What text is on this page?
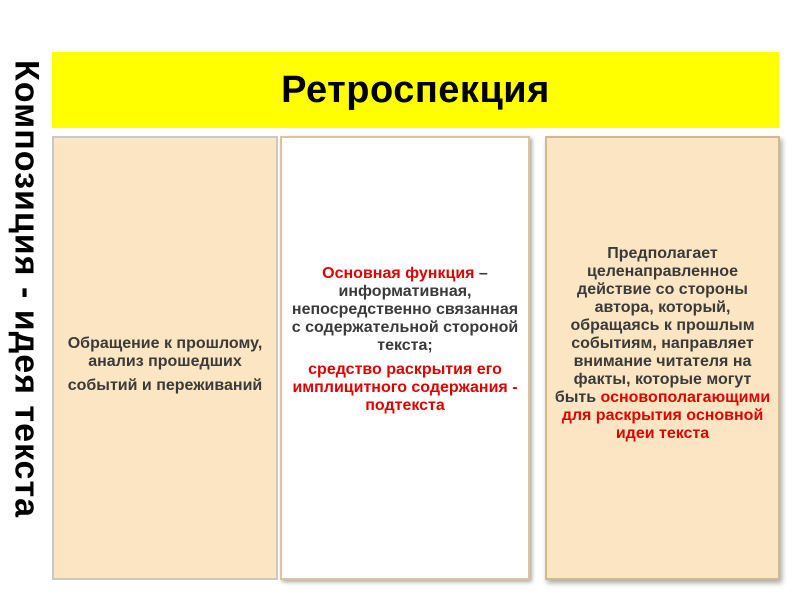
Композиция - идея текста	Ретроспекция

Обращение к прошлому, анализ прошедших

событий и переживаний

Основная функция – информативная, непосредственно связанная с содержательной стороной текста;

средство раскрытия его имплицитного содержания - подтекста

Предполагает целенаправленное действие со стороны автора, который, обращаясь к прошлым событиям, направляет внимание читателя на факты, которые могут быть основополагающими для раскрытия основной идеи текста
